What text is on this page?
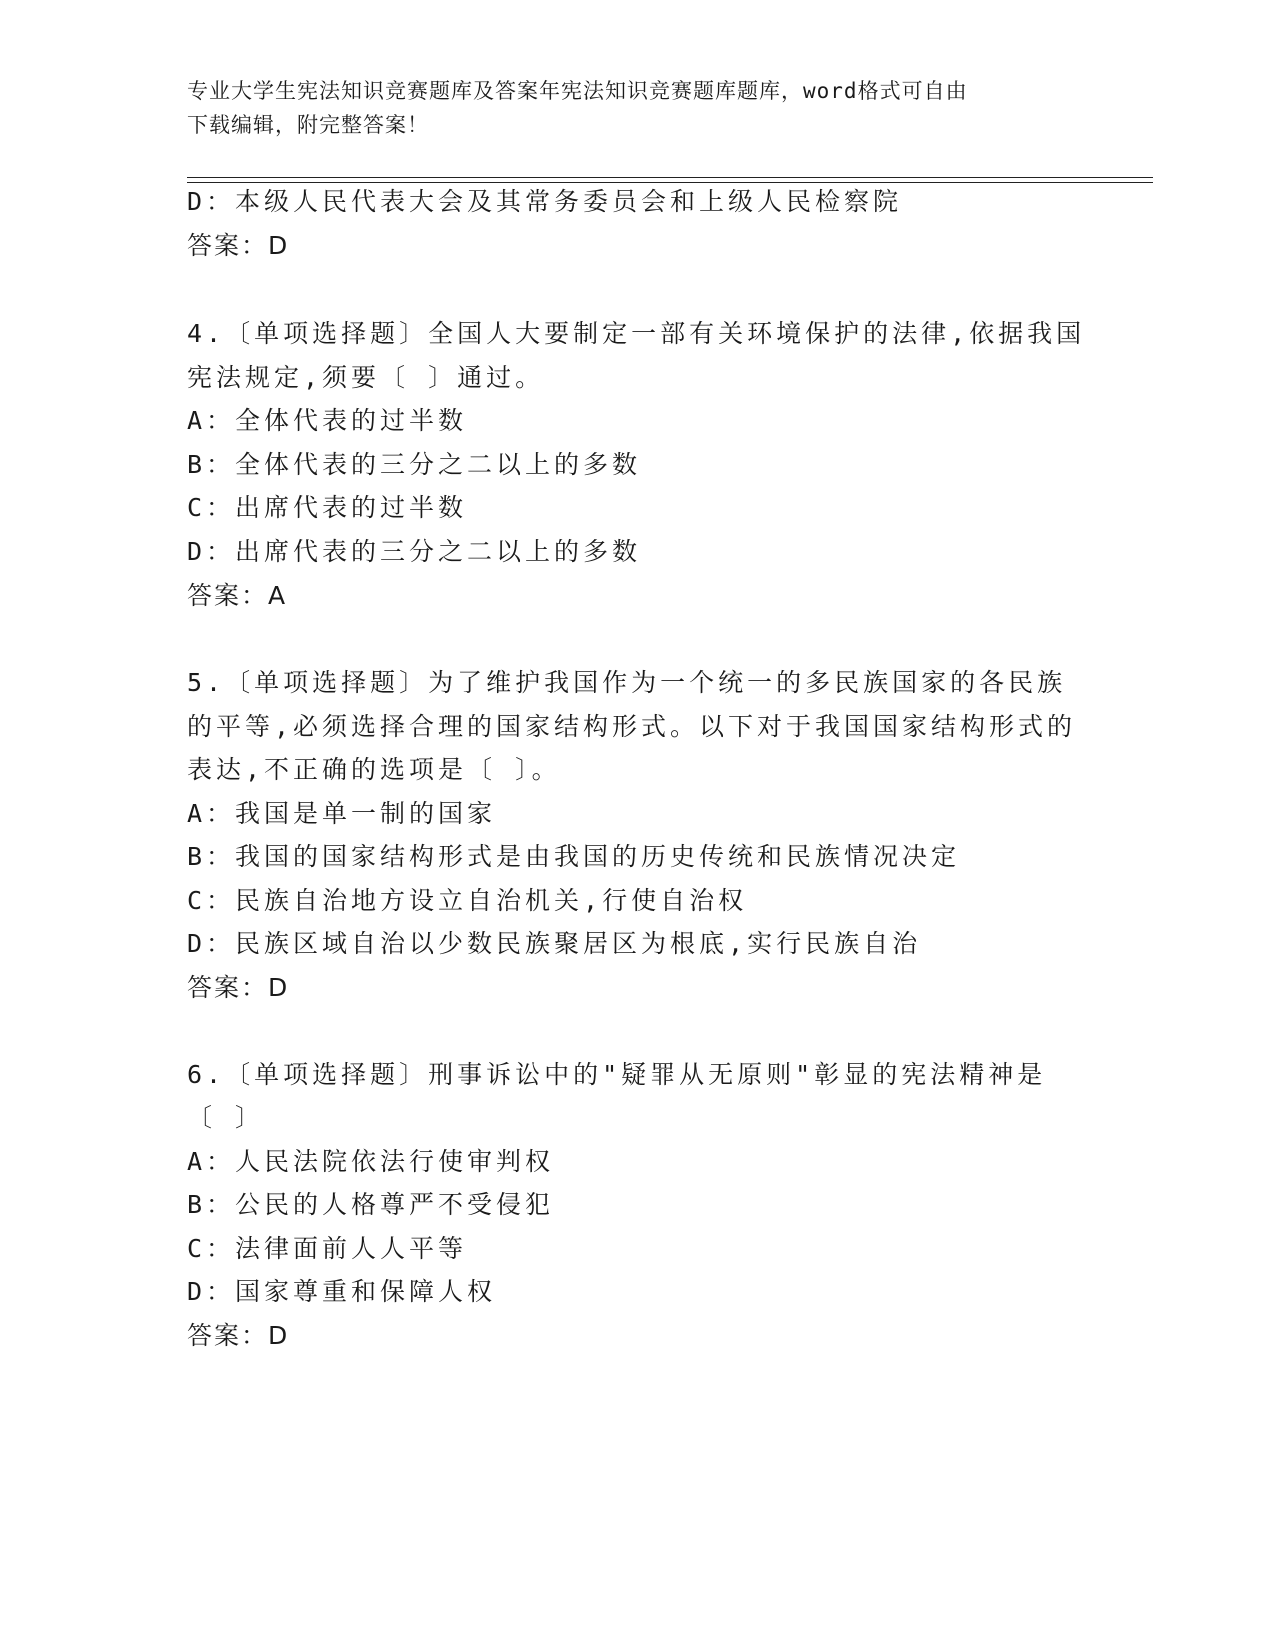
专业大学生宪法知识竞赛题库及答案年宪法知识竞赛题库题库，word格式可自由
下载编辑，附完整答案！
D：本级人民代表大会及其常务委员会和上级人民检察院
答案：D
4.〔单项选择题〕全国人大要制定一部有关环境保护的法律,依据我国
宪法规定,须要〔 〕通过。
A：全体代表的过半数
B：全体代表的三分之二以上的多数
C：出席代表的过半数
D：出席代表的三分之二以上的多数
答案：A
5.〔单项选择题〕为了维护我国作为一个统一的多民族国家的各民族
的平等,必须选择合理的国家结构形式。以下对于我国国家结构形式的
表达,不正确的选项是〔 〕。
A：我国是单一制的国家
B：我国的国家结构形式是由我国的历史传统和民族情况决定
C：民族自治地方设立自治机关,行使自治权
D：民族区域自治以少数民族聚居区为根底,实行民族自治
答案：D
6.〔单项选择题〕刑事诉讼中的"疑罪从无原则"彰显的宪法精神是
〔 〕
A：人民法院依法行使审判权
B：公民的人格尊严不受侵犯
C：法律面前人人平等
D：国家尊重和保障人权
答案：D
